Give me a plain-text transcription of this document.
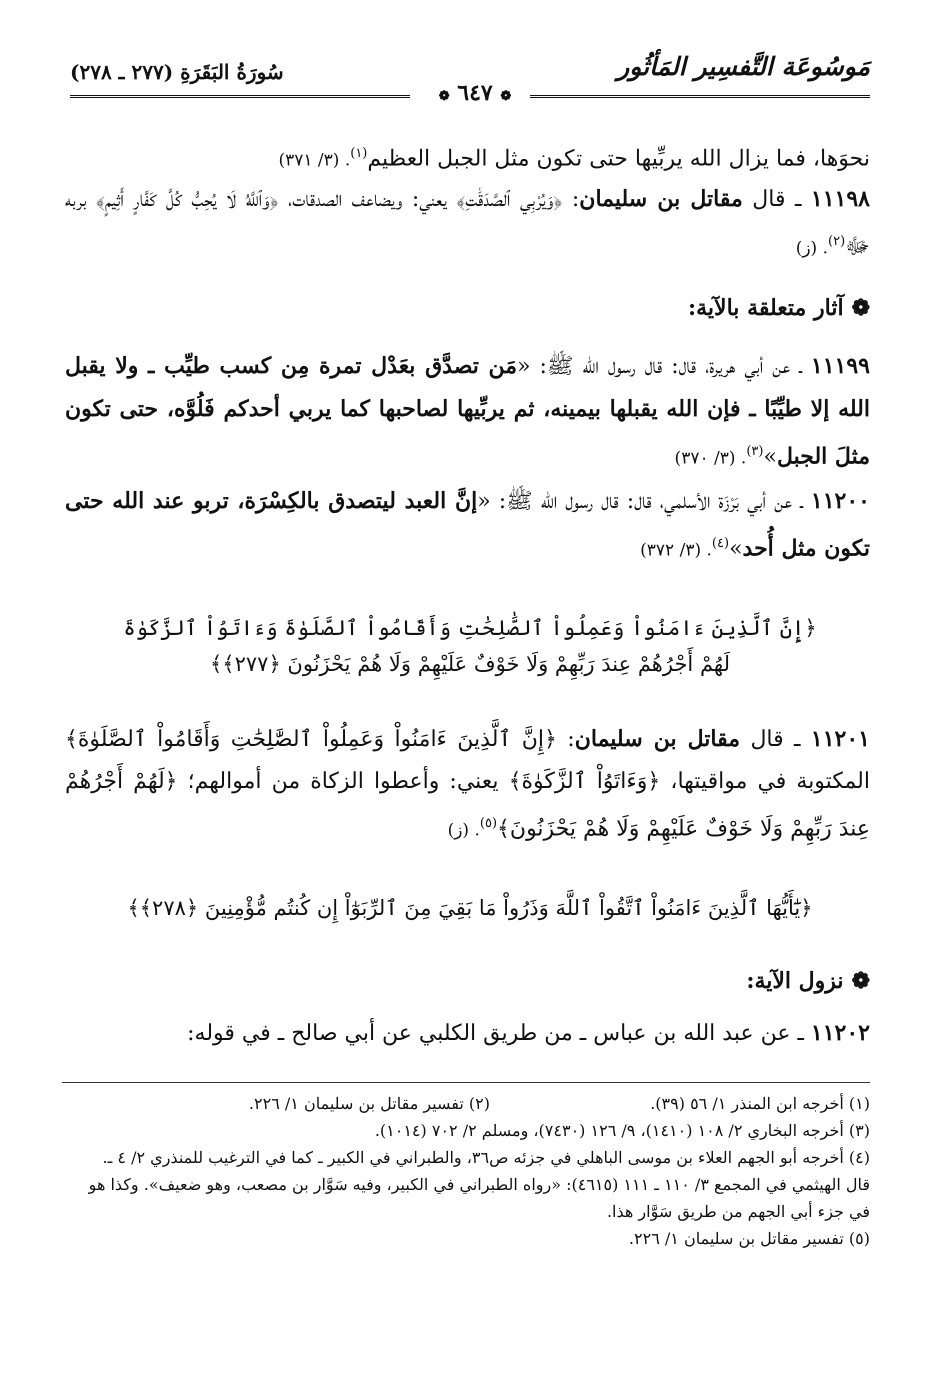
مَوسُوعَة التَّفسِير المَأثُور
سُورَةُ البَقَرَةِ (٢٧٧ ـ ٢٧٨)
❁ ٦٤٧ ❁
نحوَها، فما يزال الله يربِّيها حتى تكون مثل الجبل العظيم$^{(١)}$. (٣/ ٣٧١)
١١١٩٨ ـ قال مقاتل بن سليمان: ﴿وَيُرْبِي ٱلصَّدَقَٰتِ﴾ يعني: ويضاعف الصدقات، ﴿وَٱللَّهُ لَا يُحِبُّ كُلَّ كَفَّارٍ أَثِيمٍ﴾ بربه ﷻ$^{(٢)}$. (ز)
❁آثار متعلقة بالآية:
١١١٩٩ ـ عن أبي هريرة، قال: قال رسول الله ﷺ: «مَن تصدَّق بعَدْل تمرة مِن كسب طيِّب ـ ولا يقبل الله إلا طيِّبًا ـ فإن الله يقبلها بيمينه، ثم يربِّيها لصاحبها كما يربي أحدكم فَلُوَّه، حتى تكون مثلَ الجبل»$^{(٣)}$. (٣/ ٣٧٠)
١١٢٠٠ ـ عن أبي بَرْزَة الأسلمي، قال: قال رسول الله ﷺ: «إنَّ العبد ليتصدق بالكِسْرَة، تربو عند الله حتى تكون مثل أُحد»$^{(٤)}$. (٣/ ٣٧٢)
﴿إِنَّ ٱلَّذِينَ ءَامَنُواْ وَعَمِلُواْ ٱلصَّٰلِحَٰتِ وَأَقَامُواْ ٱلصَّلَوٰةَ وَءَاتَوُاْ ٱلزَّكَوٰةَ
لَهُمْ أَجْرُهُمْ عِندَ رَبِّهِمْ وَلَا خَوْفٌ عَلَيْهِمْ وَلَا هُمْ يَحْزَنُونَ ﴿٢٧٧﴾﴾
١١٢٠١ ـ قال مقاتل بن سليمان: ﴿إِنَّ ٱلَّذِينَ ءَامَنُواْ وَعَمِلُواْ ٱلصَّٰلِحَٰتِ وَأَقَامُواْ ٱلصَّلَوٰةَ﴾ المكتوبة في مواقيتها، ﴿وَءَاتَوُاْ ٱلزَّكَوٰةَ﴾ يعني: وأعطوا الزكاة من أموالهم؛ ﴿لَهُمْ أَجْرُهُمْ عِندَ رَبِّهِمْ وَلَا خَوْفٌ عَلَيْهِمْ وَلَا هُمْ يَحْزَنُونَ﴾$^{(٥)}$. (ز)
﴿يَٰٓأَيُّهَا ٱلَّذِينَ ءَامَنُواْ ٱتَّقُواْ ٱللَّهَ وَذَرُواْ مَا بَقِيَ مِنَ ٱلرِّبَوٰٓاْ إِن كُنتُم مُّؤْمِنِينَ ﴿٢٧٨﴾﴾
❁نزول الآية:
١١٢٠٢ ـ عن عبد الله بن عباس ـ من طريق الكلبي عن أبي صالح ـ في قوله:
(١) أخرجه ابن المنذر ١/ ٥٦ (٣٩).
(٢) تفسير مقاتل بن سليمان ١/ ٢٢٦.
(٣) أخرجه البخاري ٢/ ١٠٨ (١٤١٠)، ٩/ ١٢٦ (٧٤٣٠)، ومسلم ٢/ ٧٠٢ (١٠١٤).
(٤) أخرجه أبو الجهم العلاء بن موسى الباهلي في جزئه ص٣٦، والطبراني في الكبير ـ كما في الترغيب للمنذري ٢/ ٤ ـ.
قال الهيثمي في المجمع ٣/ ١١٠ ـ ١١١ (٤٦١٥): «رواه الطبراني في الكبير، وفيه سَوَّار بن مصعب، وهو ضعيف». وكذا هو في جزء أبي الجهم من طريق سَوَّار هذا.
(٥) تفسير مقاتل بن سليمان ١/ ٢٢٦.
